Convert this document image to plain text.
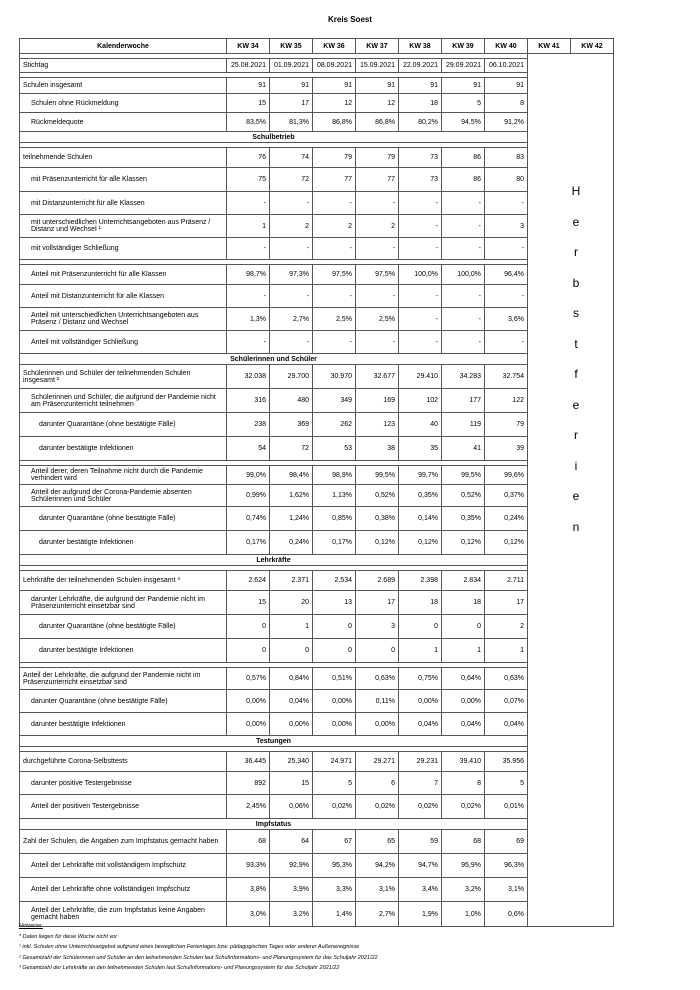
Kreis Soest
Kalenderwoche	KW 34	KW 35	KW 36	KW 37	KW 38	KW 39	KW 40	KW 41	KW 42

Stichtag	25.08.2021	01.09.2021	08.09.2021	15.09.2021	22.09.2021	29.09.2021	06.10.2021		

Schulen insgesamt	91	91	91	91	91	91	91		
Schulen ohne Rückmeldung	15	17	12	12	18	5	8		
Rückmeldequote	83,5%	81,3%	86,8%	86,8%	80,2%	94,5%	91,2%		
Schulbetrieb									

teilnehmende Schulen	76	74	79	79	73	86	83		
mit Präsenzunterricht für alle Klassen	75	72	77	77	73	86	80		
mit Distanzunterricht für alle Klassen	-	-	-	-	-	-	-		
mit unterschiedlichen Unterrichtsangeboten aus Präsenz / Distanz und Wechsel ¹	1	2	2	2	-	-	3		
mit vollständiger Schließung	-	-	-	-	-	-	-		

Anteil mit Präsenzunterricht für alle Klassen	98,7%	97,3%	97,5%	97,5%	100,0%	100,0%	96,4%		
Anteil mit Distanzunterricht für alle Klassen	-	-	-	-	-	-	-		
Anteil mit unterschiedlichen Unterrichtsangeboten aus Präsenz / Distanz und Wechsel	1,3%	2,7%	2,5%	2,5%	-	-	3,6%		
Anteil mit vollständiger Schließung	-	-	-	-	-	-	-		
Schülerinnen und Schüler									
Schülerinnen und Schüler der teilnehmenden Schulen insgesamt ²	32.038	29.700	30.970	32.677	29.410	34.283	32.754		
Schülerinnen und Schüler, die aufgrund der Pandemie nicht am Präsenzunterricht teilnehmen	316	480	349	169	102	177	122		
darunter Quarantäne (ohne bestätigte Fälle)	238	369	262	123	40	119	79		
darunter bestätigte Infektionen	54	72	53	38	35	41	39		

Anteil derer, deren Teilnahme nicht durch die Pandemie verhindert wird	99,0%	98,4%	98,9%	99,5%	99,7%	99,5%	99,6%		
Anteil der aufgrund der Corona-Pandemie absenten Schülerinnen und Schüler	0,99%	1,62%	1,13%	0,52%	0,35%	0,52%	0,37%		
darunter Quarantäne (ohne bestätigte Fälle)	0,74%	1,24%	0,85%	0,38%	0,14%	0,35%	0,24%		
darunter bestätigte Infektionen	0,17%	0,24%	0,17%	0,12%	0,12%	0,12%	0,12%		
Lehrkräfte									

Lehrkräfte der teilnehmenden Schulen insgesamt ³	2.624	2.371	2.534	2.689	2.398	2.834	2.711		
darunter Lehrkräfte, die aufgrund der Pandemie nicht im Präsenzunterricht einsetzbar sind	15	20	13	17	18	18	17		
darunter Quarantäne (ohne bestätigte Fälle)	0	1	0	3	0	0	2		
darunter bestätigte Infektionen	0	0	0	0	1	1	1		

Anteil der Lehrkräfte, die aufgrund der Pandemie nicht im Präsenzunterricht einsetzbar sind	0,57%	0,84%	0,51%	0,63%	0,75%	0,64%	0,63%		
darunter Quarantäne (ohne bestätigte Fälle)	0,00%	0,04%	0,00%	0,11%	0,00%	0,00%	0,07%		
darunter bestätigte Infektionen	0,00%	0,00%	0,00%	0,00%	0,04%	0,04%	0,04%		
Testungen									

durchgeführte Corona-Selbsttests	36.445	25.340	24.971	29.271	29.231	39.410	35.956		
darunter positive Testergebnisse	892	15	5	6	7	8	5		
Anteil der positiven Testergebnisse	2,45%	0,06%	0,02%	0,02%	0,02%	0,02%	0,01%		
Impfstatus									
Zahl der Schulen, die Angaben zum Impfstatus gemacht haben	68	64	67	65	59	68	69		
Anteil der Lehrkräfte mit vollständigem Impfschutz	93,3%	92,9%	95,3%	94,2%	94,7%	95,9%	96,3%		
Anteil der Lehrkräfte ohne vollständigen Impfschutz	3,8%	3,9%	3,3%	3,1%	3,4%	3,2%	3,1%		
Anteil der Lehrkräfte, die zum Impfstatus keine Angaben gemacht haben	3,0%	3,2%	1,4%	2,7%	1,9%	1,0%	0,6%		
H
e
r
b
s
t
f
e
r
i
e
n
Hinweise:
* Daten liegen für diese Woche nicht vor
¹ inkl. Schulen ohne Unterrichtsangebot aufgrund eines beweglichen Ferientages bzw. pädagogischen Tages oder anderer Außenereignisse
² Gesamtzahl der Schülerinnen und Schüler an den teilnehmenden Schulen laut SchulInformations- und Planungssystem für das Schuljahr 2021/22
³ Gesamtzahl der Lehrkräfte an den teilnehmenden Schulen laut SchulInformations- und Planungssystem für das Schuljahr 2021/22
